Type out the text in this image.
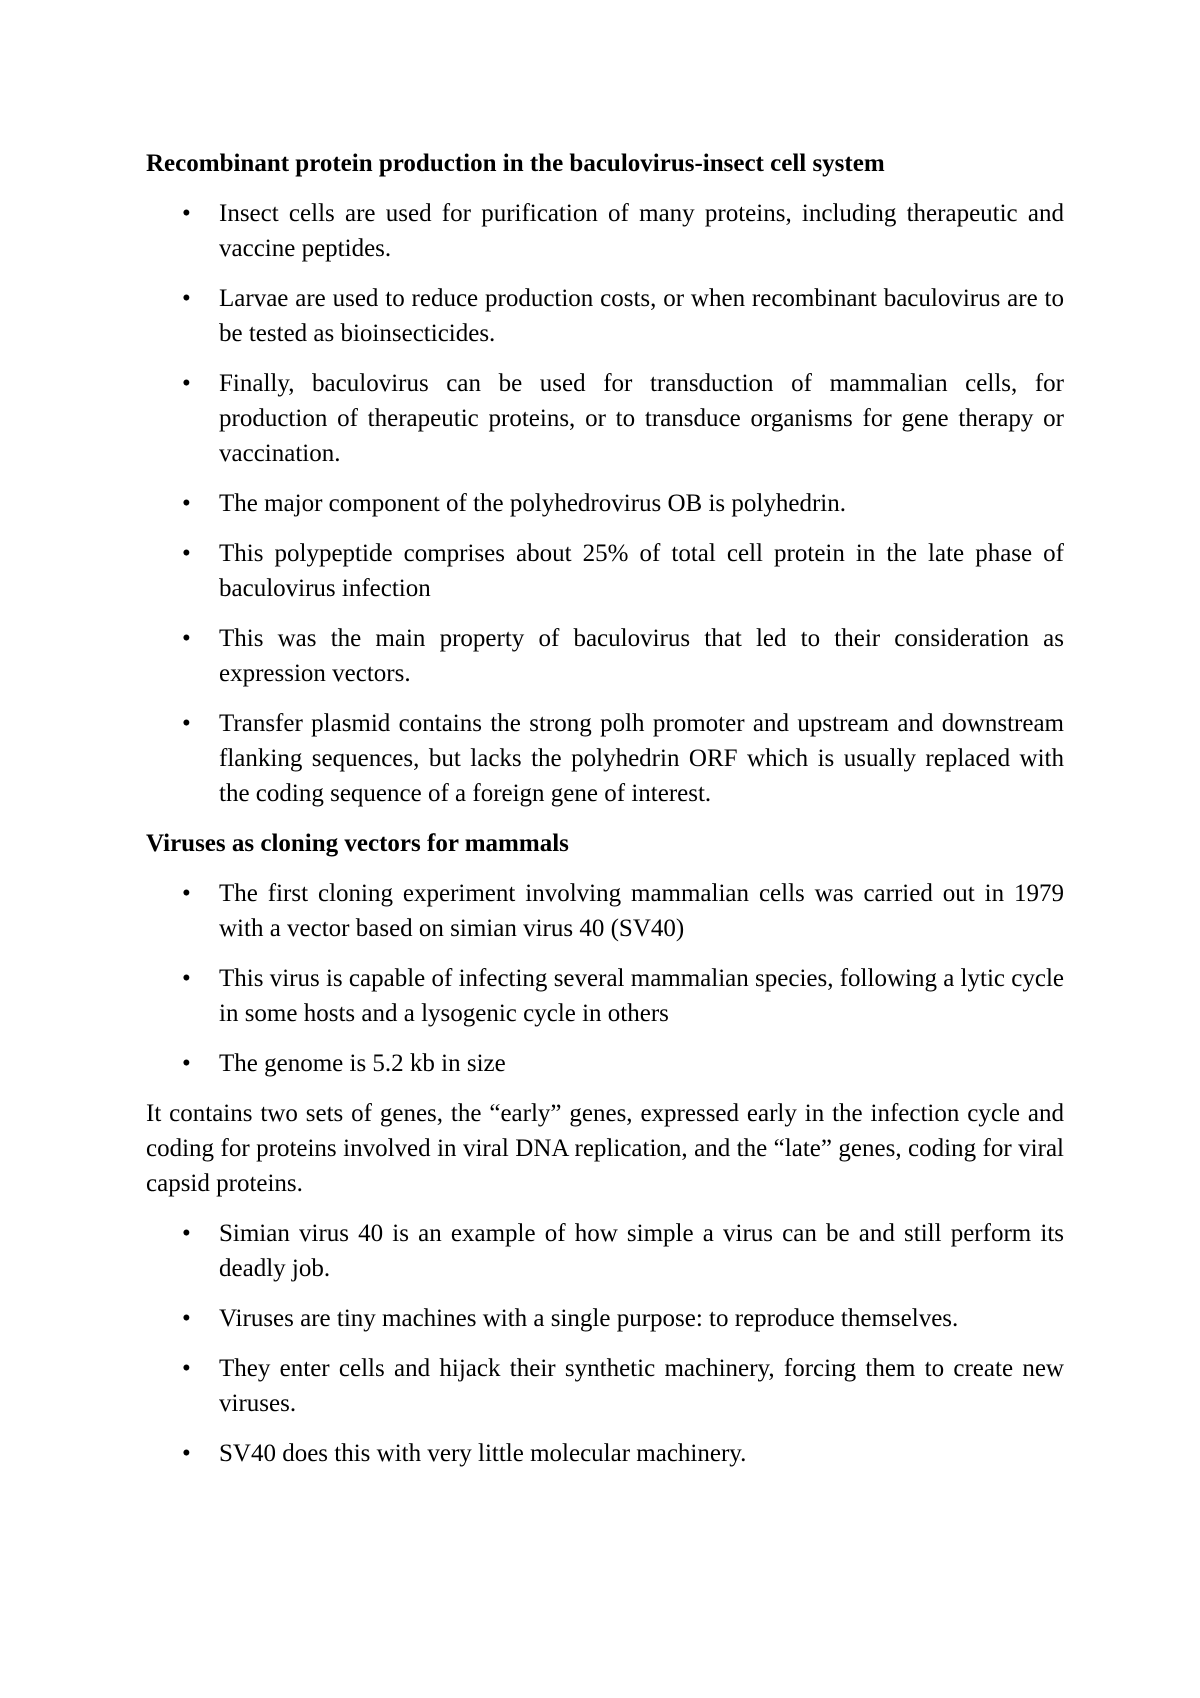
Recombinant protein production in the baculovirus-insect cell system
• Insect cells are used for purification of many proteins, including therapeutic and vaccine peptides.
• Larvae are used to reduce production costs, or when recombinant baculovirus are to be tested as bioinsecticides.
• Finally, baculovirus can be used for transduction of mammalian cells, for production of therapeutic proteins, or to transduce organisms for gene therapy or vaccination.
• The major component of the polyhedrovirus OB is polyhedrin.
• This polypeptide comprises about 25% of total cell protein in the late phase of baculovirus infection
• This was the main property of baculovirus that led to their consideration as expression vectors.
• Transfer plasmid contains the strong polh promoter and upstream and downstream flanking sequences, but lacks the polyhedrin ORF which is usually replaced with the coding sequence of a foreign gene of interest.
Viruses as cloning vectors for mammals
• The first cloning experiment involving mammalian cells was carried out in 1979 with a vector based on simian virus 40 (SV40)
• This virus is capable of infecting several mammalian species, following a lytic cycle in some hosts and a lysogenic cycle in others
• The genome is 5.2 kb in size

It contains two sets of genes, the “early” genes, expressed early in the infection cycle and coding for proteins involved in viral DNA replication, and the “late” genes, coding for viral capsid proteins.

• Simian virus 40 is an example of how simple a virus can be and still perform its deadly job.
• Viruses are tiny machines with a single purpose: to reproduce themselves.
• They enter cells and hijack their synthetic machinery, forcing them to create new viruses.
• SV40 does this with very little molecular machinery.
